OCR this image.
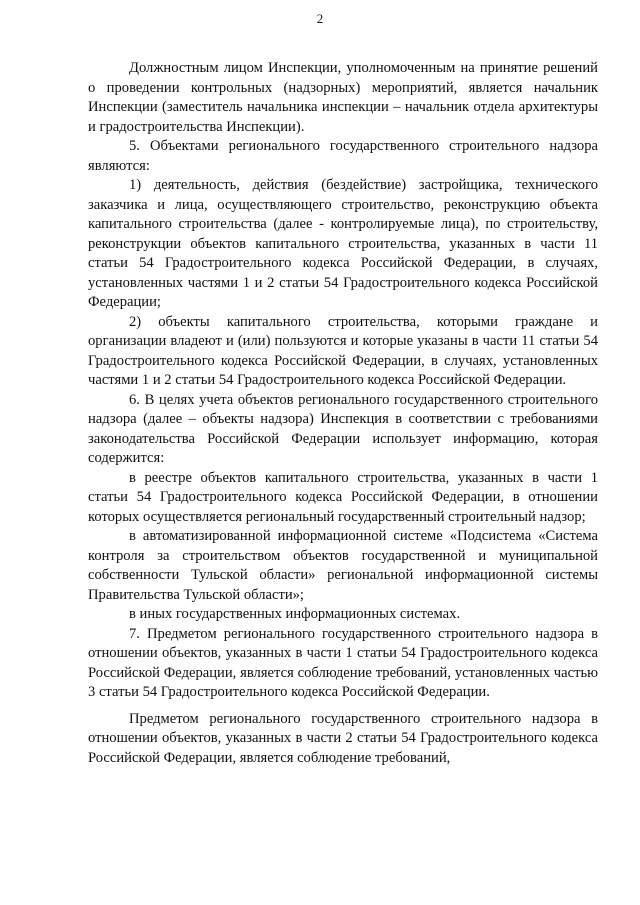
2

Должностным лицом Инспекции, уполномоченным на принятие решений о проведении контрольных (надзорных) мероприятий, является начальник Инспекции (заместитель начальника инспекции – начальник отдела архитектуры и градостроительства Инспекции).

5. Объектами регионального государственного строительного надзора являются:

1) деятельность, действия (бездействие) застройщика, технического заказчика и лица, осуществляющего строительство, реконструкцию объекта капитального строительства (далее - контролируемые лица), по строительству, реконструкции объектов капитального строительства, указанных в части 11 статьи 54 Градостроительного кодекса Российской Федерации, в случаях, установленных частями 1 и 2 статьи 54 Градостроительного кодекса Российской Федерации;

2) объекты капитального строительства, которыми граждане и организации владеют и (или) пользуются и которые указаны в части 11 статьи 54 Градостроительного кодекса Российской Федерации, в случаях, установленных частями 1 и 2 статьи 54 Градостроительного кодекса Российской Федерации.

6. В целях учета объектов регионального государственного строительного надзора (далее – объекты надзора) Инспекция в соответствии с требованиями законодательства Российской Федерации использует информацию, которая содержится:

в реестре объектов капитального строительства, указанных в части 1 статьи 54 Градостроительного кодекса Российской Федерации, в отношении которых осуществляется региональный государственный строительный надзор;

в автоматизированной информационной системе «Подсистема «Система контроля за строительством объектов государственной и муниципальной собственности Тульской области» региональной информационной системы Правительства Тульской области»;

в иных государственных информационных системах.

7. Предметом регионального государственного строительного надзора в отношении объектов, указанных в части 1 статьи 54 Градостроительного кодекса Российской Федерации, является соблюдение требований, установленных частью 3 статьи 54 Градостроительного кодекса Российской Федерации.

Предметом регионального государственного строительного надзора в отношении объектов, указанных в части 2 статьи 54 Градостроительного кодекса Российской Федерации, является соблюдение требований,
